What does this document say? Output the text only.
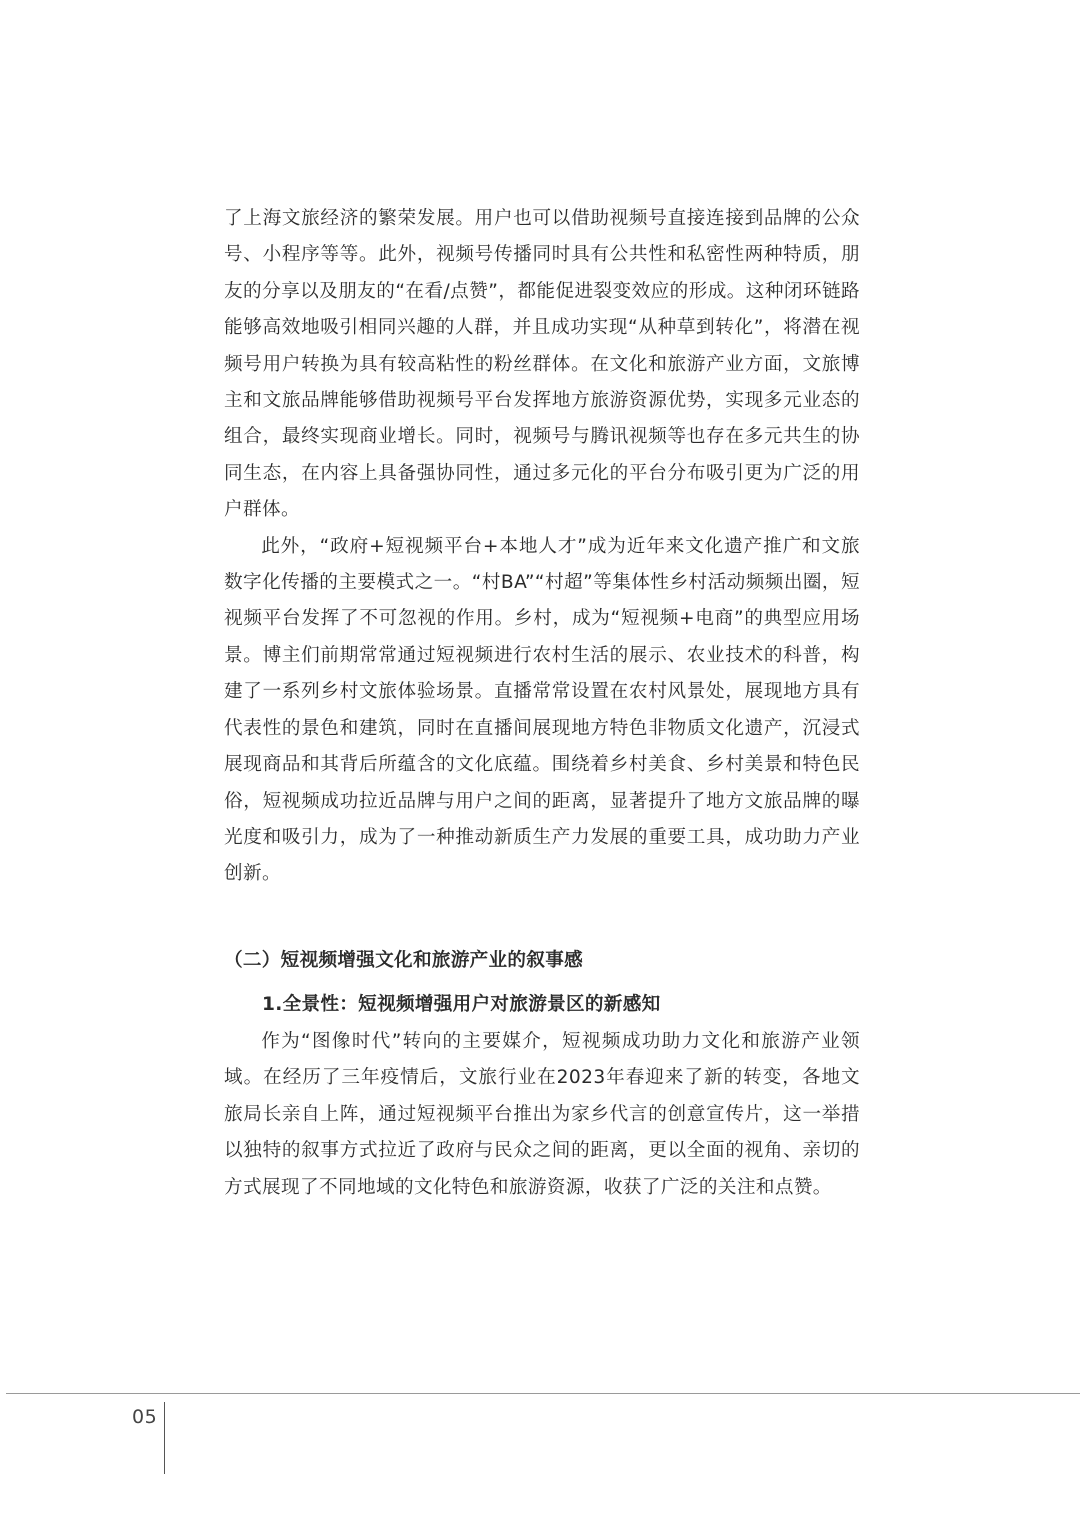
了上海文旅经济的繁荣发展。用户也可以借助视频号直接连接到品牌的公众号、小程序等等。此外，视频号传播同时具有公共性和私密性两种特质，朋友的分享以及朋友的“在看/点赞”，都能促进裂变效应的形成。这种闭环链路能够高效地吸引相同兴趣的人群，并且成功实现“从种草到转化”，将潜在视频号用户转换为具有较高粘性的粉丝群体。在文化和旅游产业方面，文旅博主和文旅品牌能够借助视频号平台发挥地方旅游资源优势，实现多元业态的组合，最终实现商业增长。同时，视频号与腾讯视频等也存在多元共生的协同生态，在内容上具备强协同性，通过多元化的平台分布吸引更为广泛的用户群体。

此外，“政府+短视频平台+本地人才”成为近年来文化遗产推广和文旅数字化传播的主要模式之一。“村BA”“村超”等集体性乡村活动频频出圈，短视频平台发挥了不可忽视的作用。乡村，成为“短视频+电商”的典型应用场景。博主们前期常常通过短视频进行农村生活的展示、农业技术的科普，构建了一系列乡村文旅体验场景。直播常常设置在农村风景处，展现地方具有代表性的景色和建筑，同时在直播间展现地方特色非物质文化遗产，沉浸式展现商品和其背后所蕴含的文化底蕴。围绕着乡村美食、乡村美景和特色民俗，短视频成功拉近品牌与用户之间的距离，显著提升了地方文旅品牌的曝光度和吸引力，成为了一种推动新质生产力发展的重要工具，成功助力产业创新。

（二）短视频增强文化和旅游产业的叙事感
1.全景性：短视频增强用户对旅游景区的新感知

作为“图像时代”转向的主要媒介，短视频成功助力文化和旅游产业领域。在经历了三年疫情后，文旅行业在2023年春迎来了新的转变，各地文旅局长亲自上阵，通过短视频平台推出为家乡代言的创意宣传片，这一举措以独特的叙事方式拉近了政府与民众之间的距离，更以全面的视角、亲切的方式展现了不同地域的文化特色和旅游资源，收获了广泛的关注和点赞。

05
